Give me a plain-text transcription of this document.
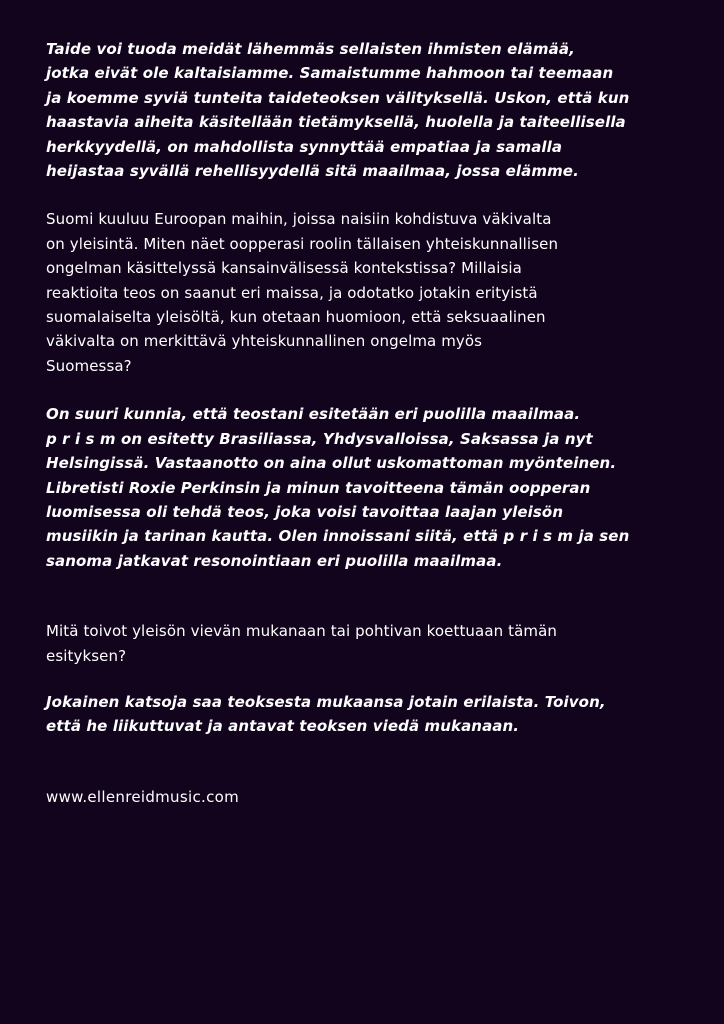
Taide voi tuoda meidät lähemmäs sellaisten ihmisten elämää,
jotka eivät ole kaltaisiamme. Samaistumme hahmoon tai teemaan
ja koemme syviä tunteita taideteoksen välityksellä. Uskon, että kun
haastavia aiheita käsitellään tietämyksellä, huolella ja taiteellisella
herkkyydellä, on mahdollista synnyttää empatiaa ja samalla
heijastaa syvällä rehellisyydellä sitä maailmaa, jossa elämme.

Suomi kuuluu Euroopan maihin, joissa naisiin kohdistuva väkivalta
on yleisintä. Miten näet oopperasi roolin tällaisen yhteiskunnallisen
ongelman käsittelyssä kansainvälisessä kontekstissa? Millaisia
reaktioita teos on saanut eri maissa, ja odotatko jotakin erityistä
suomalaiselta yleisöltä, kun otetaan huomioon, että seksuaalinen
väkivalta on merkittävä yhteiskunnallinen ongelma myös
Suomessa?

On suuri kunnia, että teostani esitetään eri puolilla maailmaa.
p r i s m on esitetty Brasiliassa, Yhdysvalloissa, Saksassa ja nyt
Helsingissä. Vastaanotto on aina ollut uskomattoman myönteinen.
Libretisti Roxie Perkinsin ja minun tavoitteena tämän oopperan
luomisessa oli tehdä teos, joka voisi tavoittaa laajan yleisön
musiikin ja tarinan kautta. Olen innoissani siitä, että p r i s m ja sen
sanoma jatkavat resonointiaan eri puolilla maailmaa.

Mitä toivot yleisön vievän mukanaan tai pohtivan koettuaan tämän
esityksen?

Jokainen katsoja saa teoksesta mukaansa jotain erilaista. Toivon,
että he liikuttuvat ja antavat teoksen viedä mukanaan.

www.ellenreidmusic.com
